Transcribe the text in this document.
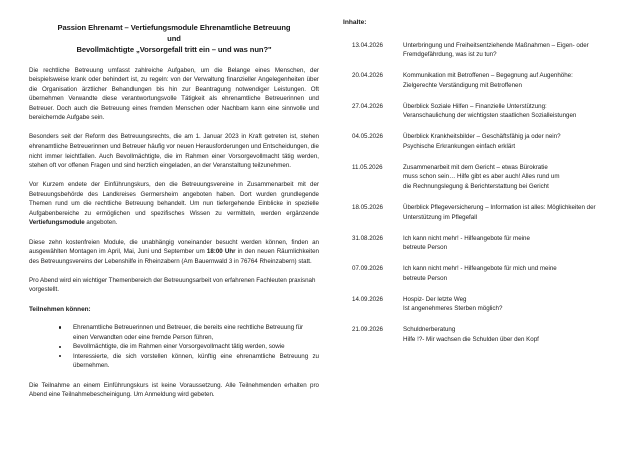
Passion Ehrenamt – Vertiefungsmodule Ehrenamtliche Betreuung
und
Bevollmächtigte „Vorsorgefall tritt ein – und was nun?"

Die rechtliche Betreuung umfasst zahlreiche Aufgaben, um die Belange eines Menschen, der beispielsweise krank oder behindert ist, zu regeln: von der Verwaltung finanzieller Angelegenheiten über die Organisation ärztlicher Behandlungen bis hin zur Beantragung notwendiger Leistungen. Oft übernehmen Verwandte diese verantwortungsvolle Tätigkeit als ehrenamtliche Betreuerinnen und Betreuer. Doch auch die Betreuung eines fremden Menschen oder Nachbarn kann eine sinnvolle und bereichernde Aufgabe sein.

Besonders seit der Reform des Betreuungsrechts, die am 1. Januar 2023 in Kraft getreten ist, stehen ehrenamtliche Betreuerinnen und Betreuer häufig vor neuen Herausforderungen und Entscheidungen, die nicht immer leichtfallen. Auch Bevollmächtigte, die im Rahmen einer Vorsorgevollmacht tätig werden, stehen oft vor offenen Fragen und sind herzlich eingeladen, an der Veranstaltung teilzunehmen.

Vor Kurzem endete der Einführungskurs, den die Betreuungsvereine in Zusammenarbeit mit der Betreuungsbehörde des Landkreises Germersheim angeboten haben. Dort wurden grundlegende Themen rund um die rechtliche Betreuung behandelt. Um nun tiefergehende Einblicke in spezielle Aufgabenbereiche zu ermöglichen und spezifisches Wissen zu vermitteln, werden ergänzende Vertiefungsmodule angeboten.

Diese zehn kostenfreien Module, die unabhängig voneinander besucht werden können, finden an ausgewählten Montagen im April, Mai, Juni und September um 18:00 Uhr in den neuen Räumlichkeiten des Betreuungsvereins der Lebenshilfe in Rheinzabern (Am Bauernwald 3 in 76764 Rheinzabern) statt.

Pro Abend wird ein wichtiger Themenbereich der Betreuungsarbeit von erfahrenen Fachleuten praxisnah vorgestellt.

Teilnehmen können:

Ehrenamtliche Betreuerinnen und Betreuer, die bereits eine rechtliche Betreuung für einen Verwandten oder eine fremde Person führen,
Bevollmächtigte, die im Rahmen einer Vorsorgevollmacht tätig werden, sowie
Interessierte, die sich vorstellen können, künftig eine ehrenamtliche Betreuung zu übernehmen.

Die Teilnahme an einem Einführungskurs ist keine Voraussetzung. Alle Teilnehmenden erhalten pro Abend eine Teilnahmebescheinigung. Um Anmeldung wird gebeten.

Inhalte:

13.04.2026	Unterbringung und Freiheitsentziehende Maßnahmen – Eigen- oder
Fremdgefährdung, was ist zu tun?
20.04.2026	Kommunikation mit Betroffenen – Begegnung auf Augenhöhe:
Zielgerechte Verständigung mit Betroffenen
27.04.2026	Überblick Soziale Hilfen – Finanzielle Unterstützung:
Veranschaulichung der wichtigsten staatlichen Sozialleistungen
04.05.2026	Überblick Krankheitsbilder – Geschäftsfähig ja oder nein?
Psychische Erkrankungen einfach erklärt
11.05.2026	Zusammenarbeit mit dem Gericht – etwas Bürokratie
muss schon sein… Hilfe gibt es aber auch! Alles rund um
die Rechnungslegung & Berichterstattung bei Gericht
18.05.2026	Überblick Pflegeversicherung – Information ist alles: Möglichkeiten der
Unterstützung im Pflegefall
31.08.2026	Ich kann nicht mehr! - Hilfeangebote für meine
betreute Person
07.09.2026	Ich kann nicht mehr! - Hilfeangebote für mich und meine
betreute Person
14.09.2026	Hospiz- Der letzte Weg
Ist angenehmeres Sterben möglich?
21.09.2026	Schuldnerberatung
Hilfe !?- Mir wachsen die Schulden über den Kopf
